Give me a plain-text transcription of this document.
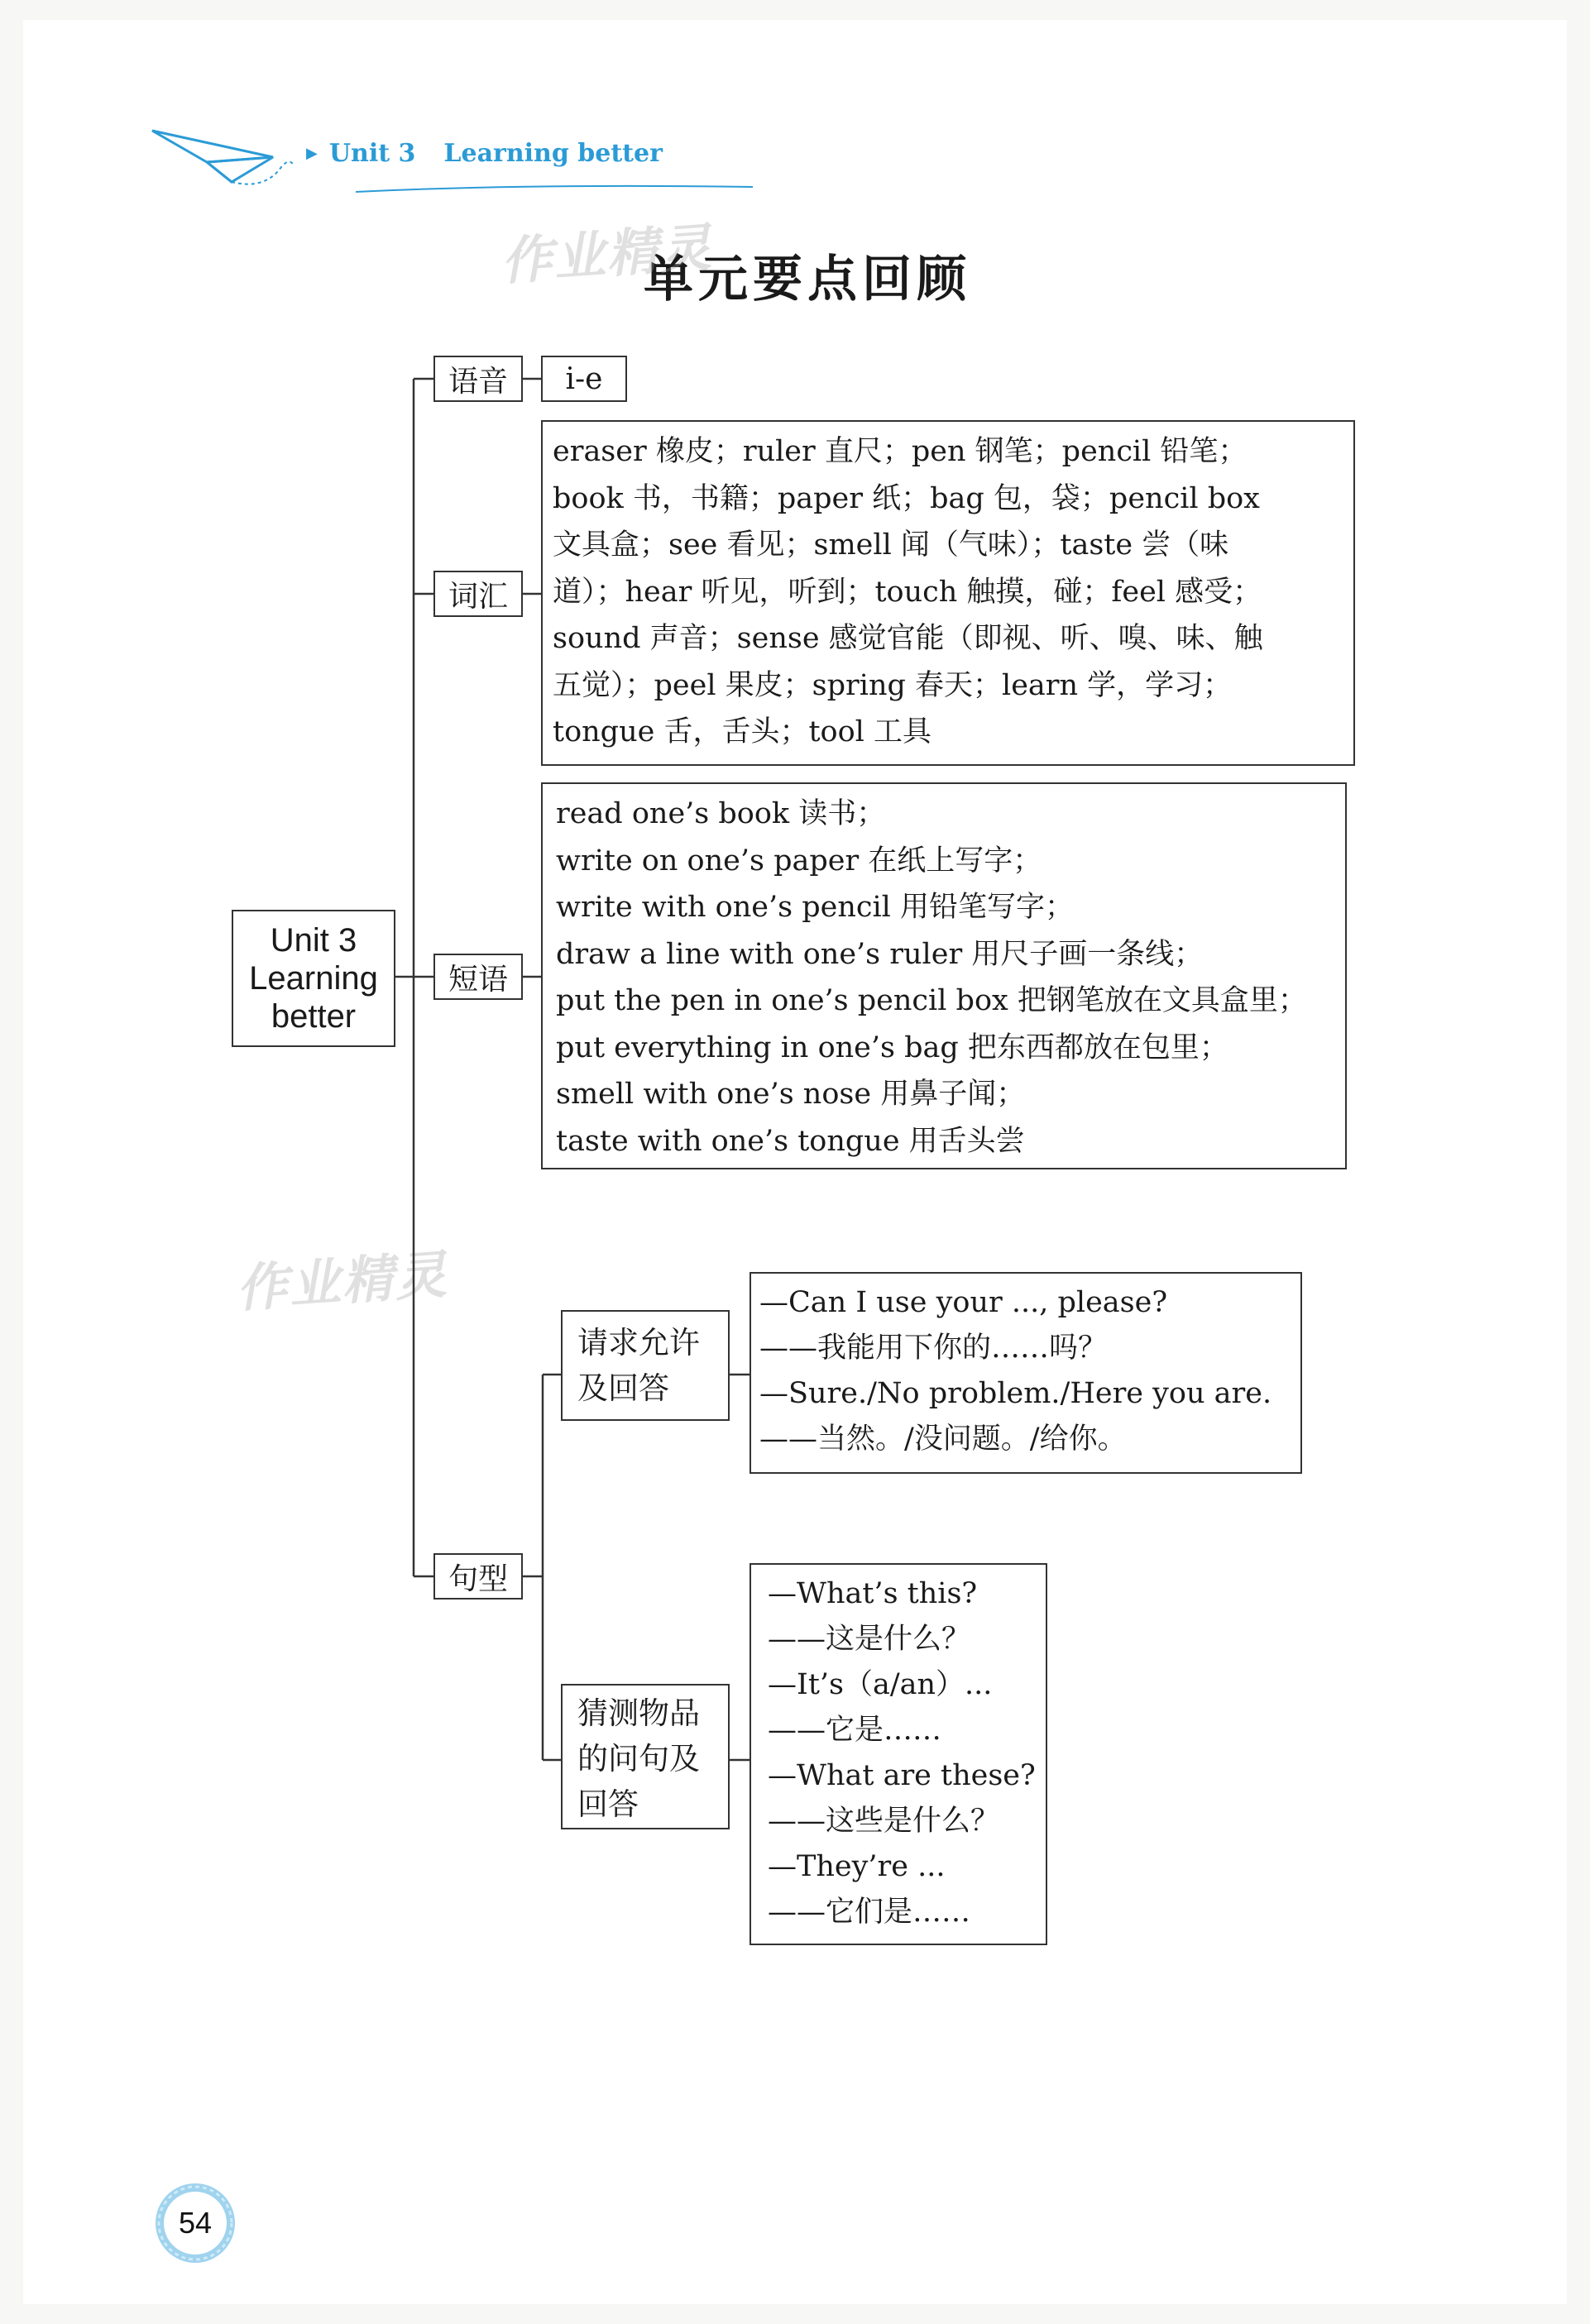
▶ Unit 3 Learning better
单元要点回顾
作业精灵
作业精灵
Unit 3
Learning
better
语音 i-e
词汇
eraser 橡皮；ruler 直尺；pen 钢笔；pencil 铅笔；
book 书，书籍；paper 纸；bag 包，袋；pencil box
文具盒；see 看见；smell 闻（气味）；taste 尝（味
道）；hear 听见，听到；touch 触摸，碰；feel 感受；
sound 声音；sense 感觉官能（即视、听、嗅、味、触
五觉）；peel 果皮；spring 春天；learn 学，学习；
tongue 舌，舌头；tool 工具
短语
read one’s book 读书；
write on one’s paper 在纸上写字；
write with one’s pencil 用铅笔写字；
draw a line with one’s ruler 用尺子画一条线；
put the pen in one’s pencil box 把钢笔放在文具盒里；
put everything in one’s bag 把东西都放在包里；
smell with one’s nose 用鼻子闻；
taste with one’s tongue 用舌头尝
句型
请求允许
及回答
—Can I use your ..., please?
——我能用下你的……吗？
—Sure./No problem./Here you are.
——当然。/没问题。/给你。
猜测物品
的问句及
回答
—What’s this?
——这是什么？
—It’s（a/an）...
——它是……
—What are these?
——这些是什么？
—They’re ...
——它们是……
54
